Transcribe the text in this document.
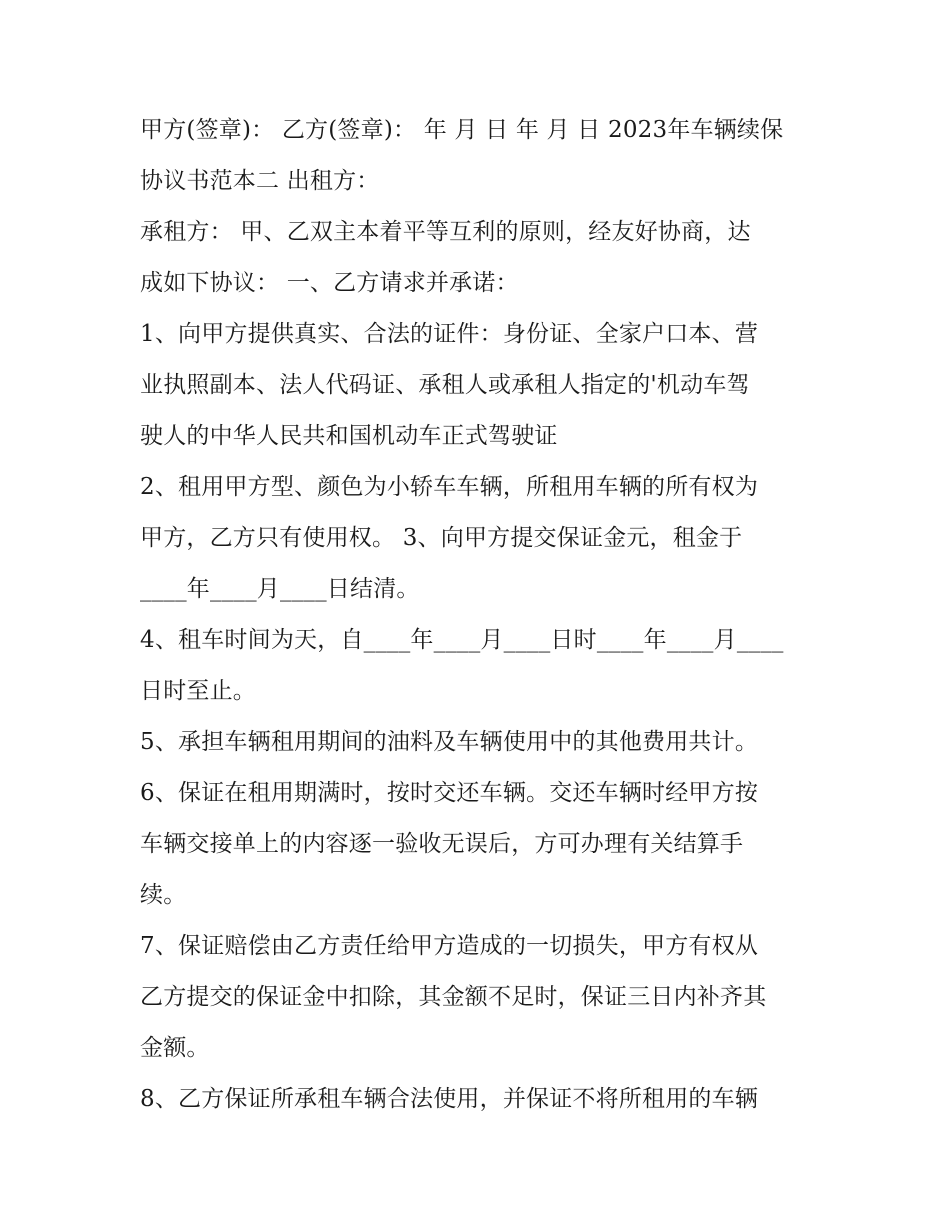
甲方(签章)： 乙方(签章)： 年 月 日 年 月 日 2023年车辆续保
协议书范本二 出租方：
承租方： 甲、乙双主本着平等互利的原则，经友好协商，达
成如下协议： 一、乙方请求并承诺：
1、向甲方提供真实、合法的证件：身份证、全家户口本、营
业执照副本、法人代码证、承租人或承租人指定的'机动车驾
驶人的中华人民共和国机动车正式驾驶证
2、租用甲方型、颜色为小轿车车辆，所租用车辆的所有权为
甲方，乙方只有使用权。 3、向甲方提交保证金元，租金于
____年____月____日结清。
4、租车时间为天，自____年____月____日时____年____月____
日时至止。
5、承担车辆租用期间的油料及车辆使用中的其他费用共计。
6、保证在租用期满时，按时交还车辆。交还车辆时经甲方按
车辆交接单上的内容逐一验收无误后，方可办理有关结算手
续。
7、保证赔偿由乙方责任给甲方造成的一切损失，甲方有权从
乙方提交的保证金中扣除，其金额不足时，保证三日内补齐其
金额。
8、乙方保证所承租车辆合法使用，并保证不将所租用的车辆
